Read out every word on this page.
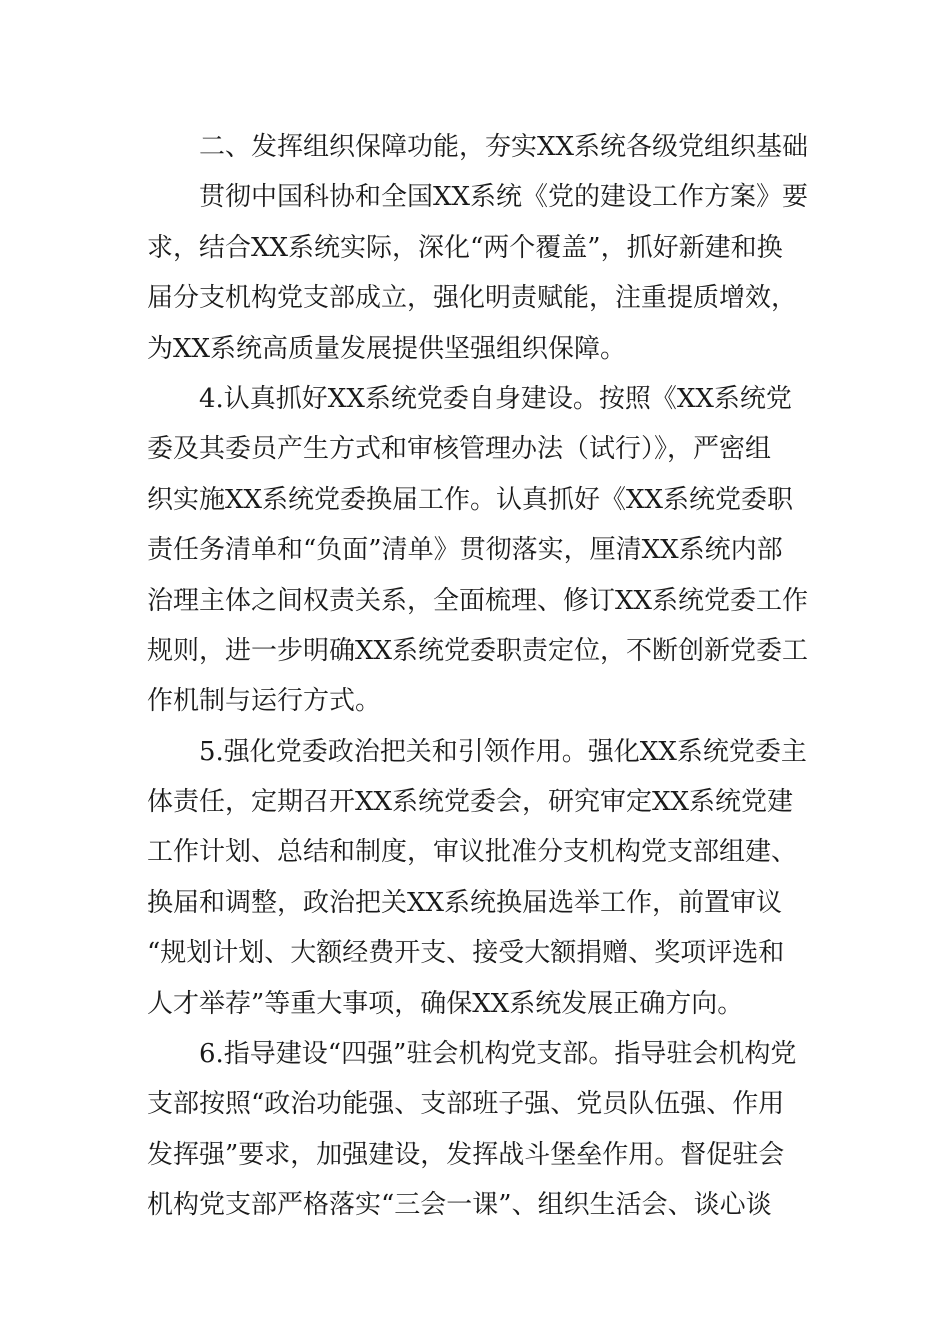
二、发挥组织保障功能，夯实XX系统各级党组织基础
贯彻中国科协和全国XX系统《党的建设工作方案》要
求，结合XX系统实际，深化“两个覆盖”，抓好新建和换
届分支机构党支部成立，强化明责赋能，注重提质增效，
为XX系统高质量发展提供坚强组织保障。
4.认真抓好XX系统党委自身建设。按照《XX系统党
委及其委员产生方式和审核管理办法（试行）》，严密组
织实施XX系统党委换届工作。认真抓好《XX系统党委职
责任务清单和“负面”清单》贯彻落实，厘清XX系统内部
治理主体之间权责关系，全面梳理、修订XX系统党委工作
规则，进一步明确XX系统党委职责定位，不断创新党委工
作机制与运行方式。
5.强化党委政治把关和引领作用。强化XX系统党委主
体责任，定期召开XX系统党委会，研究审定XX系统党建
工作计划、总结和制度，审议批准分支机构党支部组建、
换届和调整，政治把关XX系统换届选举工作，前置审议
“规划计划、大额经费开支、接受大额捐赠、奖项评选和
人才举荐”等重大事项，确保XX系统发展正确方向。
6.指导建设“四强”驻会机构党支部。指导驻会机构党
支部按照“政治功能强、支部班子强、党员队伍强、作用
发挥强”要求，加强建设，发挥战斗堡垒作用。督促驻会
机构党支部严格落实“三会一课”、组织生活会、谈心谈
